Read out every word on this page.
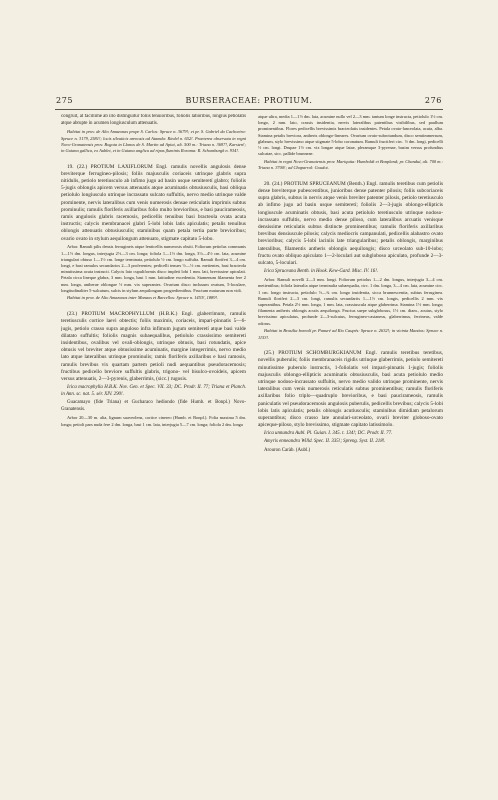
275	BURSERACEAE: PROTIUM.	276

congruit, at facillime ab illo distinguitur foliis tenuioribus, foliolis latioribus, longius petiolatis atque abrupte in acumen longiusculum attenuatis.

Habitat in prov. de Alto Amazonas prope S. Carlos: Spruce n. 3679!; et pr. S. Gabriel da Cachoeira: Spruce n. 3179, 2581!; locis silvaticis arenosis ad Atamda: Riedel n. 652!. Praeterea observata in regni Novo-Granatensis prov. Bogota in Llanos de S. Martin ad Apiai, alt. 500 m.: Triana n. 3697!, Karsten!; in Guiana gallica, ex Aublet, et in Guiana anglica ad ripas fluminis Rorama: R. Schomburgk n. 934!.

19. (22.) PROTIUM LAXIFLORUM Engl. ramulis novellis angulosis dense breviterque ferrugineo-pilosis; foliis majusculis coriaceis utrinque glabris supra nitidulis, petiolo teretiusculo ab infimo jugo ad basin usque semiteretí glabro; foliolis 5-jugis oblongis apicem versus attenuatis atque acuminatis obtusiusculis, basi obliqua petiolulo longiusculo utrinque incrassato sulcato suffultis, nervo medio utrinque valde prominente, nervis lateralibus cum venis numerosis densae reticulatis imprimis subtus prominulis; ramulis floriferis axillaribus folio multo brevioribus, e basi paucirameosis, ramis angulosis glabris racemosis, pedicellis tenuibus basi bracteola ovata acuta instructis; calycis membranacei glabri 5-lobi lobis latis apiculatis; petalis tenuibus oblongis attenuatis obtusiusculis; staminibus quam petala tertia parte brevioribus; ovario ovato in stylum aequilongum attenuato, stigmate capitato 5-lobo.

Arbor. Ramuli pilis densis ferrugineis atque lenticellis numerosis obsiti. Foliorum petiolus communis 1—1½ dm. longus, interjugia 2½—3 cm. longa; foliola 1—1½ dm. longa, 3½—4½ cm. lata, acumine triangulari obtuso 1—1½ cm. longe terminata, petiolulo ½ cm. longo suffulta. Ramuli floriferi 3—4 cm. longi, e basi ramulos secundarios 2—3 proferentes; pedicelli tenues ½—½ cm. metientes, basi bracteola minutissima acuta instructi. Calycis lato cupuliformis disco impleti lobi 1 mm. lati, breviusine apiculati. Petala circa lineque glabra, 3 mm. longa, basi 1 mm. latitudine excedentia. Stamenum filamenta fere 2 mm. longa, antherae oblongae ½ mm. vix superantes. Ovarium disco inclusum ovatum, 5-loculare, longitudinaliter 5-sulcatum, sulcis in stylum aequilongum progredientibus. Fructum maturum non vidi.

Habitat in prov. de Alto Amazonas inter Manaos et Barcellos: Spruce n. 1453!, 1889!.

(23.) PROTIUM MACROPHYLLUM (H.B.K.) Engl. glaberrimum, ramulis teretiusculis cortice laevi obtectis; foliis maximis, coriaceis, impari-pinnatis 5—6-jugis, petiolo crasso supra anguloso infra infimum jugum semiteretí atque basi valde dilatato suffultis; foliolis magnis subaequalibus, petiolulo crassissimo semitereti insidentibus, ovalibus vel ovali-oblongis, utrinque obtusis, basi rotundatis, apice obtusis vel breviter atque obtusissime acuminatis, margine integerrimis, nervo medio lato atque lateralibus utrinque prominulis; ramis floriferis axillaribus e basi ramosis, ramulis brevibus vix quartam partem petioli nudi aequantibus pseudoracemosis; fructibus pedicello breviore suffultis glabris, trigono- vel bisulco-ovoideis, apicem versus attenuatis, 2—3-pyrenis, glaberrimis, (sicc.) rugosis.

Icica macrophylla H.B.K. Nov. Gen. et Spec. VII. 33; DC. Prodr. II. 77; Triana et Planch. in Ann. sc. nat. 5. sér. XIV. 290!.

Guacamayo (fide Triana) et Gucharaco hediondo (fide Humb. et Bonpl.) Novo-Granatensis.

Arbor 20—30 m. alta, lignum suaveolens, cortice cinereo (Humb. et Bonpl.). Folia maxima 5 dm. longa; petioli pars nuda fere 2 dm. longa, basi 1 cm. lata, interjugia 5—7 cm. longa; foliola 2 dm. longa

atque ultra, media 1—1½ dm. lata, acumine nullo vel 2—3 mm. tantum longe instructa, petiolulo 1½ cm. longo, 2 mm. lato, crassis insidentia, nervis lateralibus patentibus visibilibus, sed paullum prominentibus. Flores pedicellis brevissimis bracteolatis insidentes. Petala ovato-lanceolata, acuta, alba. Stamina petalis breviora, antheris oblongo-lineares. Ovarium ovato-subrotundum, disco semiimmersum, glabrum, stylo brevissimo atque stigmate 5-lobo coronatum. Ramuli fructiferi circ. ½ dm. longi, pedicelli ½ cm. longi. Drupae 1½ cm. vix longae atque latae, pleramque 3-pyrenae, basim versus profundius sulcatae, sicc. pallide brunneae.

Habitat in regni Novo-Granatensis prov. Mariquita: Humboldt et Bonpland; pr. Chanduí, alt. 700 m.: Triana n. 3700!; ad Chaparral: Goudot.

20. (24.) PROTIUM SPRUCEANUM (Benth.) Engl. ramulis teretibus cum petiolis dense breviterque pubescentibus, junioribus dense patenter pilosis; foliis subcoriaceis supra glabris, subtus in nervis atque venis breviter patenter pilosis, petiolo teretiusculo ab infimo jugo ad basin usque semiteretí; foliolis 2—3-jugis oblongo-ellipticis longiuscule acuminatis obtusis, basi acuta petiolulo teretiusculo utrinque nodoso-incrassato suffultis, nervo medio dense piloso, cum lateralibus arcuatis venisque densissime reticulatis subtus distincte prominentibus; ramulis floriferis axillaribus brevibus densiuscule pilosis; calycis mediocris campanulati, pedicellis alabastro ovato brevioribus; calycis 5-lobi laciniis late triangularibus; petalis oblongis, marginibus lateralibus, filamentis antheris oblongis aequilongis; disco urceolato sub-10-lobo; fructu ovato obliquo apiculato 1—2-loculari aut subglobosо apiculato, profunde 2—3-sulcato, 5-loculari.

Icica Spruceana Benth. in Hook. Kew-Gard. Misc. IV. 16!.

Arbor. Ramuli novelli 2—3 mm. longi. Foliorum petiolus 1—2 dm. longus, interjugia 3—4 cm. metientibus; foliola lateralia atque terminalia subaequalia, circ. 1 dm. longa, 3—4 cm. lata, acumine circ. 1 cm. longo instructa, petiolulo ½—¾ cm. longo insidentia, sicca brunnescentia, subtus ferruginea. Ramuli floriferi 2—3 cm. longi, ramulis secundariis 1—1½ cm. longis, pedicellis 2 mm. vix superantibus. Petala 2½ mm. longa, 1 mm. lata, crassiuscula atque glaberrima. Stamina 1½ mm. longa; filamenta antheris oblongis acutis aequilonga. Fructus saepe subglobosus, 1½ cm. diam., acutus, stylo brevissimo apiculatus, profunde 2—3-sulcatus, ferrugineo-castaneus, glaberrimus, ferrineus, valde odorus.

Habitat in Brasilia borealí pr. Panuré ad Rio Caupés: Spruce n. 2632!; in vicinia Manáos: Spruce n. 1153!.

(25.) PROTIUM SCHOMBURGKIANUM Engl. ramulis teretibus teretibus, novellis puberulis; foliis membranaceis rigidis utrinque glaberrimis, petiolo semitereti minutissime puberulo instructis, 1-foliolatis vel impari-pinnatis 1-jugis; foliolis majusculis oblongo-ellipticis acuminatis obtusiusculis, basi acuta petiolulo medio utrinque nodoso-incrassato suffultis, nervo medio valido utrinque prominente, nervis lateralibus cum venis numerosis reticulatis subtus prominentibus; ramulis floriferis axillaribus folio triplo—quadruplo brevioribus, e basi paucirameosis, ramulis paniculatis vel pseudoracemosis angulosis puberulis, pedicellis brevibus; calycis 5-lobi lobis latis apiculatis; petalis oblongis acutiusculis; staminibus dimidiam petalorum superantibus; disco crasso late annulari-urceolato, ovarii breviter globoso-ovato apiceque-piloso, stylo brevissimo, stigmate capitato latissimolo.

Icica unnundra Aubl. Pl. Guian. I. 345. t. 134!; DC. Prodr. II. 77.

Amyris enneandra Willd. Spec. II. 335!; Spreng. Syst. II. 218!.

Arouron Caràb. (Aubl.)
